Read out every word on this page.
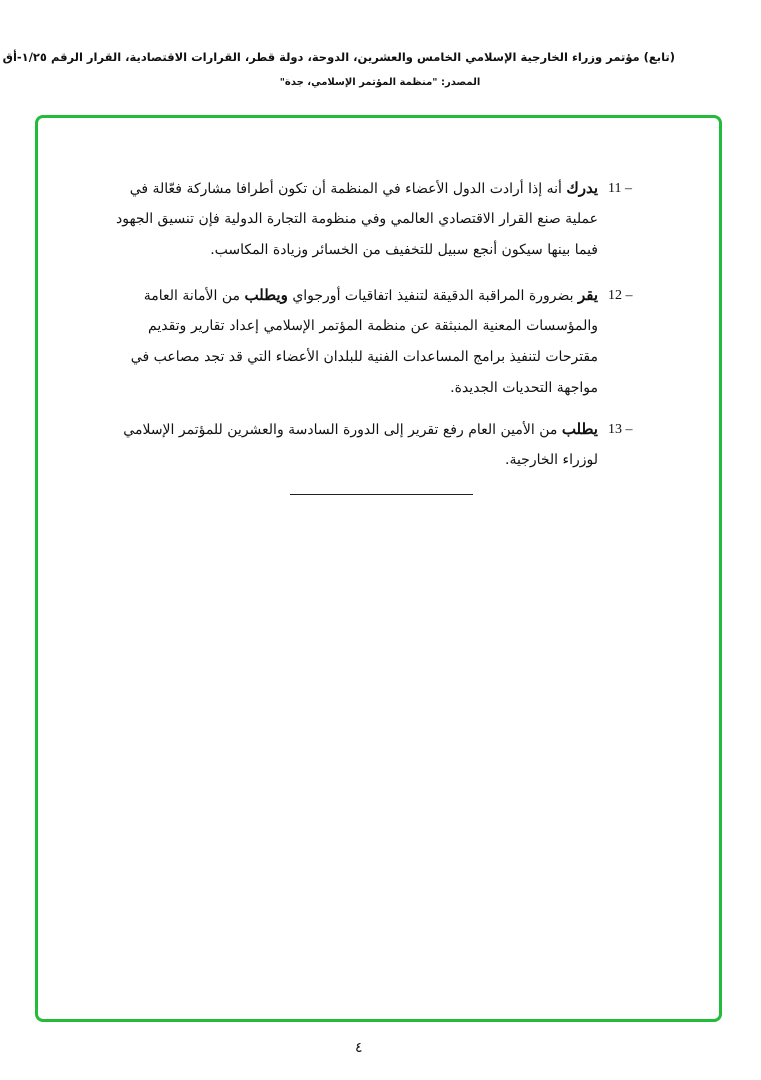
(تابع) مؤتمر وزراء الخارجية الإسلامي الخامس والعشرين، الدوحة، دولة قطر، القرارات الاقتصادية، القرار الرقم ١/٢٥-أق
المصدر: "منظمة المؤتمر الإسلامي، جدة"
11 –
يدرك أنه إذا أرادت الدول الأعضاء في المنظمة أن تكون أطرافا مشاركة فعّالة في
عملية صنع القرار الاقتصادي العالمي وفي منظومة التجارة الدولية فإن تنسيق الجهود
فيما بينها سيكون أنجع سبيل للتخفيف من الخسائر وزيادة المكاسب.
12 –
يقر بضرورة المراقبة الدقيقة لتنفيذ اتفاقيات أورجواي ويطلب من الأمانة العامة
والمؤسسات المعنية المنبثقة عن منظمة المؤتمر الإسلامي إعداد تقارير وتقديم
مقترحات لتنفيذ برامج المساعدات الفنية للبلدان الأعضاء التي قد تجد مصاعب في
مواجهة التحديات الجديدة.
13 –
يطلب من الأمين العام رفع تقرير إلى الدورة السادسة والعشرين للمؤتمر الإسلامي
لوزراء الخارجية.
٤
